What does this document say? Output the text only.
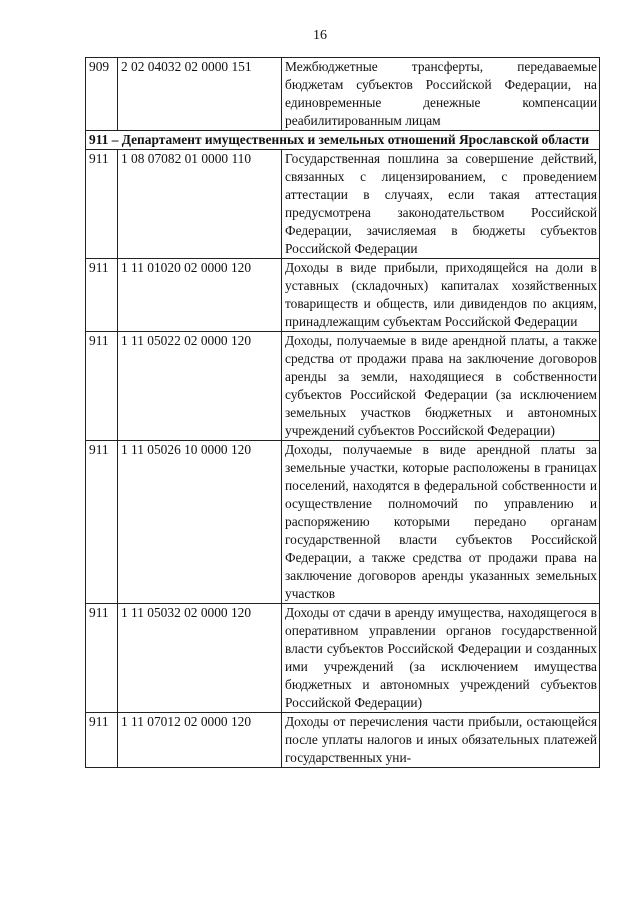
16
909	2 02 04032 02 0000 151	Межбюджетные трансферты, передаваемые бюджетам субъектов Российской Федерации, на единовременные денежные компенсации реабилитированным лицам

911 – Департамент имущественных и земельных отношений Ярославской области		

911	1 08 07082 01 0000 110	Государственная пошлина за совершение действий, связанных с лицензированием, с проведением аттестации в случаях, если такая аттестация предусмотрена законодательством Российской Федерации, зачисляемая в бюджеты субъектов Российской Федерации
911	1 11 01020 02 0000 120	Доходы в виде прибыли, приходящейся на доли в уставных (складочных) капиталах хозяйственных товариществ и обществ, или дивидендов по акциям, принадлежащим субъектам Российской Федерации
911	1 11 05022 02 0000 120	Доходы, получаемые в виде арендной платы, а также средства от продажи права на заключение договоров аренды за земли, находящиеся в собственности субъектов Российской Федерации (за исключением земельных участков бюджетных и автономных учреждений субъектов Российской Федерации)
911	1 11 05026 10 0000 120	Доходы, получаемые в виде арендной платы за земельные участки, которые расположены в границах поселений, находятся в федеральной собственности и осуществление полномочий по управлению и распоряжению которыми передано органам государственной власти субъектов Российской Федерации, а также средства от продажи права на заключение договоров аренды указанных земельных участков
911	1 11 05032 02 0000 120	Доходы от сдачи в аренду имущества, находящегося в оперативном управлении органов государственной власти субъектов Российской Федерации и созданных ими учреждений (за исключением имущества бюджетных и автономных учреждений субъектов Российской Федерации)
911	1 11 07012 02 0000 120	Доходы от перечисления части прибыли, остающейся после уплаты налогов и иных обязательных платежей государственных уни-
